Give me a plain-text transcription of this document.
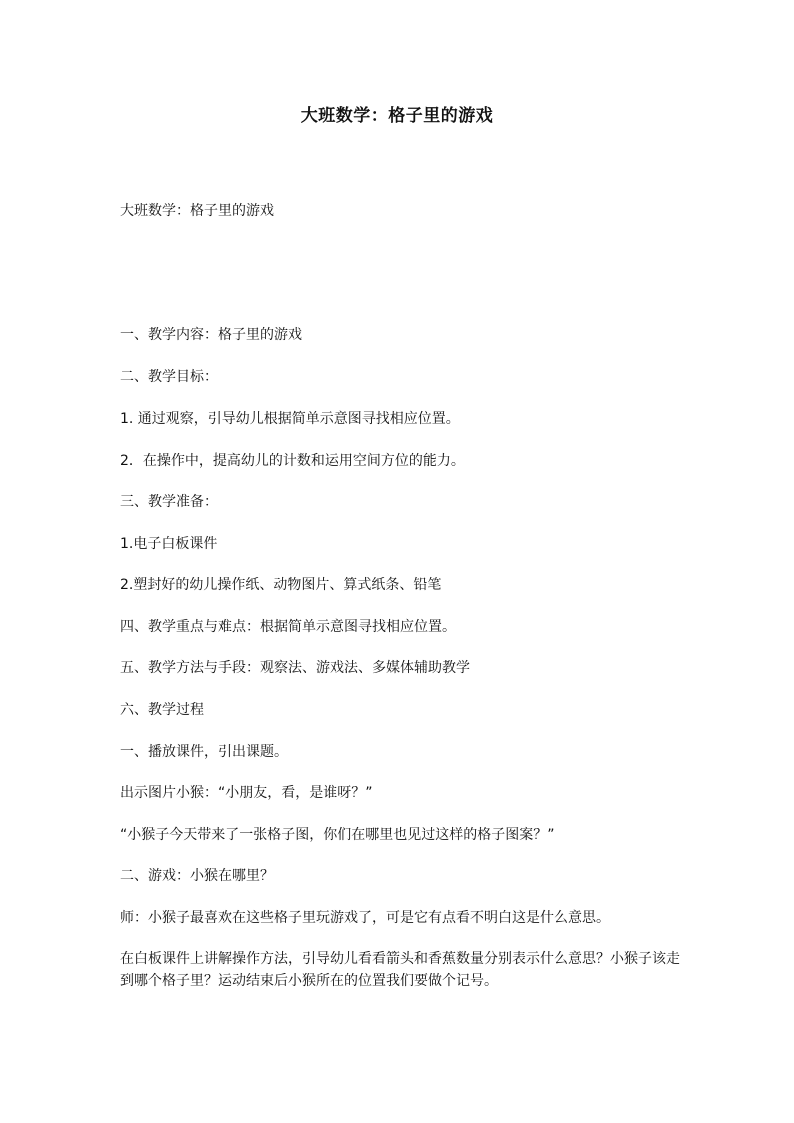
大班数学：格子里的游戏
大班数学：格子里的游戏
一、教学内容：格子里的游戏
二、教学目标：
1. 通过观察，引导幼儿根据简单示意图寻找相应位置。
2．在操作中，提高幼儿的计数和运用空间方位的能力。
三、教学准备：
1.电子白板课件
2.塑封好的幼儿操作纸、动物图片、算式纸条、铅笔
四、教学重点与难点：根据简单示意图寻找相应位置。
五、教学方法与手段：观察法、游戏法、多媒体辅助教学
六、教学过程
一、播放课件，引出课题。
出示图片小猴：“小朋友，看，是谁呀？”
“小猴子今天带来了一张格子图，你们在哪里也见过这样的格子图案？”
二、游戏：小猴在哪里？
师：小猴子最喜欢在这些格子里玩游戏了，可是它有点看不明白这是什么意思。
在白板课件上讲解操作方法，引导幼儿看看箭头和香蕉数量分别表示什么意思？小猴子该走到哪个格子里？运动结束后小猴所在的位置我们要做个记号。
